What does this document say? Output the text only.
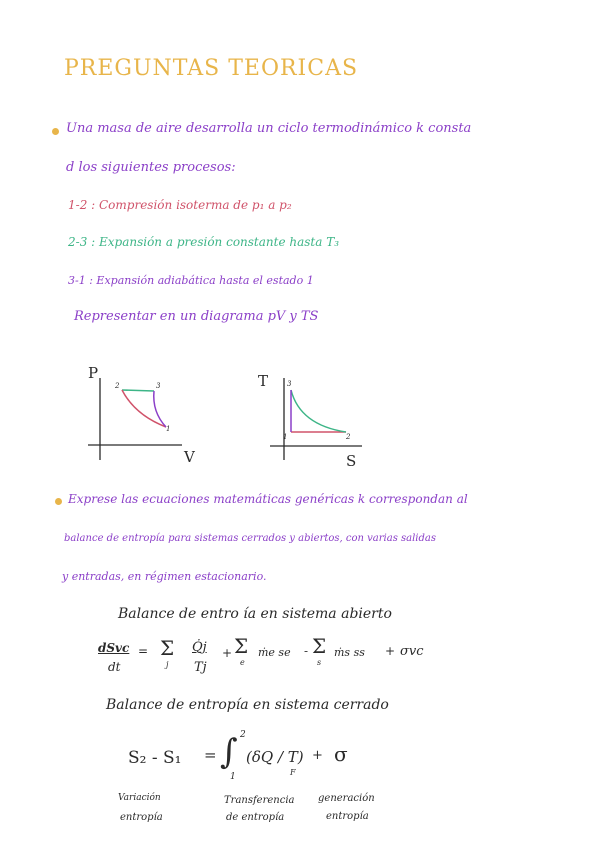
PREGUNTAS TEORICAS
Una masa de aire desarrolla un ciclo termodinámico k consta
d los siguientes procesos:
1-2 : Compresión isoterma de p₁ a p₂
2-3 : Expansión a presión constante hasta T₃
3-1 : Expansión adiabática hasta el estado 1
Representar en un diagrama pV y TS
P
V
2	3
1
T
S
3
1	2
Exprese las ecuaciones matemáticas genéricas k correspondan al
balance de entropía para sistemas cerrados y abiertos, con varias salidas
y entradas, en régimen estacionario.
Balance de entro ía en sistema abierto
dSvc
dt
= Σ
j
Q̇j
Tj
+ Σ
e
ṁe se - Σ
s
ṁs ss + σvc
Balance de entropía en sistema cerrado
S₂ - S₁ = ∫ 2
1
(δQ / T)
F
+ σ
Variación
entropía
Transferencia
de entropía
generación
entropía
